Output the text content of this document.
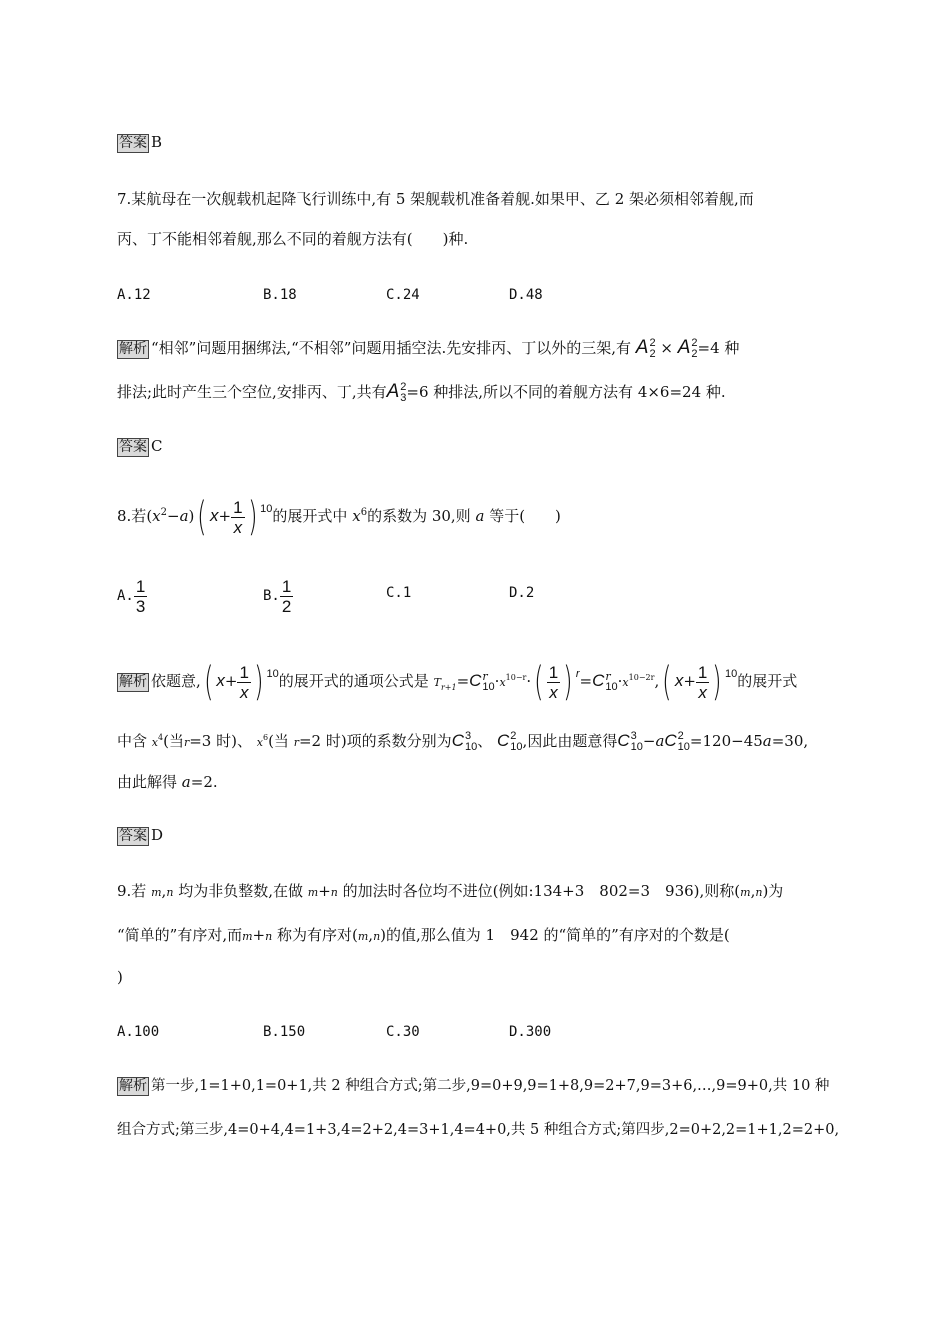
答案 B
7.某航母在一次舰载机起降飞行训练中,有 5 架舰载机准备着舰.如果甲、乙 2 架必须相邻着舰,而
丙、丁不能相邻着舰,那么不同的着舰方法有(　　)种.
A.12	B.18	C.24	D.48
解析 “相邻”问题用捆绑法,“不相邻”问题用插空法.先安排丙、丁以外的三架,有 A 2
2 × A 2
2 =4 种
排法;此时产生三个空位,安排丙、丁,共有A 2
3 =6 种排法,所以不同的着舰方法有 4×6=24 种.
答案 C
8.若$(x^2-a)$( $x+ \frac{1}{x}$ ) 10的展开式中 $x^6$的系数为 30,则 a 等于(　　)
A. $\frac{1}{3}$	B. $\frac{1}{2}$	C.1	D.2
解析 依题意,( $x+ \frac{1}{x}$ ) 10的展开式的通项公式是 $T_{r+1}=C$ r
$10 \cdot x^{10-r}\cdot( \frac{1}{x}$ ) r=C r
$10 \cdot x^{10-2r}$,( $x+ \frac{1}{x}$ ) 10的展开式
中含 $x^4$(当r=3 时)、 $x^6$(当 r=2 时)项的系数分别为C 3
10 、 C 2
10 ,因此由题意得C 3
10 −aC 2
10 =120−45a=30,
由此解得 a=2.
答案 D
9.若 m,n 均为非负整数,在做 m+n 的加法时各位均不进位(例如:134+3　802=3　936),则称(m,n)为
“简单的”有序对,而m+n 称为有序对(m,n)的值,那么值为 1　942 的“简单的”有序对的个数是(
)
A.100	B.150	C.30	D.300
解析 第一步,1=1+0,1=0+1,共 2 种组合方式;第二步,9=0+9,9=1+8,9=2+7,9=3+6,…,9=9+0,共 10 种
组合方式;第三步,4=0+4,4=1+3,4=2+2,4=3+1,4=4+0,共 5 种组合方式;第四步,2=0+2,2=1+1,2=2+0,
